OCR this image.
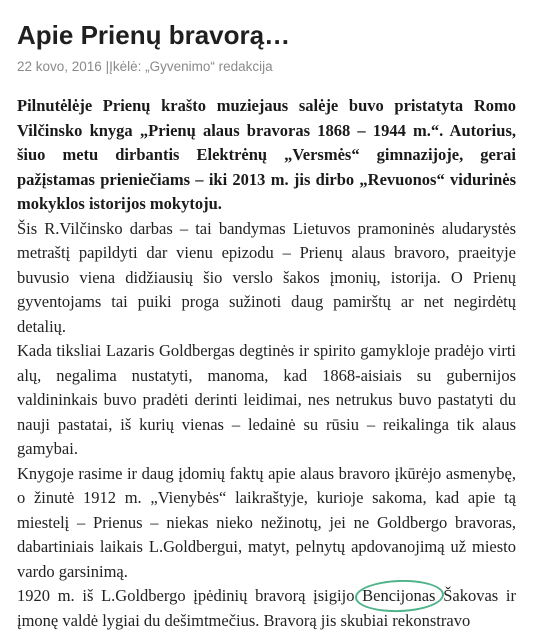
Apie Prienų bravorą…
22 kovo, 2016 |Įkėlė: „Gyvenimo“ redakcija

Pilnutėlėje Prienų krašto muziejaus salėje buvo pristatyta Romo Vilčinsko knyga „Prienų alaus bravoras 1868 – 1944 m.“. Autorius, šiuo metu dirbantis Elektrėnų „Versmės“ gimnazijoje, gerai pažįstamas prieniečiams – iki 2013 m. jis dirbo „Revuonos“ vidurinės mokyklos istorijos mokytoju.

Šis R.Vilčinsko darbas – tai bandymas Lietuvos pramoninės aludarystės metraštį papildyti dar vienu epizodu – Prienų alaus bravoro, praeityje buvusio viena didžiausių šio verslo šakos įmonių, istorija. O Prienų gyventojams tai puiki proga sužinoti daug pamirštų ar net negirdėtų detalių.

Kada tiksliai Lazaris Goldbergas degtinės ir spirito gamykloje pradėjo virti alų, negalima nustatyti, manoma, kad 1868-aisiais su gubernijos valdininkais buvo pradėti derinti leidimai, nes netrukus buvo pastatyti du nauji pastatai, iš kurių vienas – ledainė su rūsiu – reikalinga tik alaus gamybai.

Knygoje rasime ir daug įdomių faktų apie alaus bravoro įkūrėjo asmenybę, o žinutė 1912 m. „Vienybės“ laikraštyje, kurioje sakoma, kad apie tą miestelį – Prienus – niekas nieko nežinotų, jei ne Goldbergo bravoras, dabartiniais laikais L.Goldbergui, matyt, pelnytų apdovanojimą už miesto vardo garsinimą.

1920 m. iš L.Goldbergo įpėdinių bravorą įsigijo
Bencijonas Šakovas ir įmonę valdė lygiai du dešimtmečius. Bravorą jis skubiai rekonstravo
